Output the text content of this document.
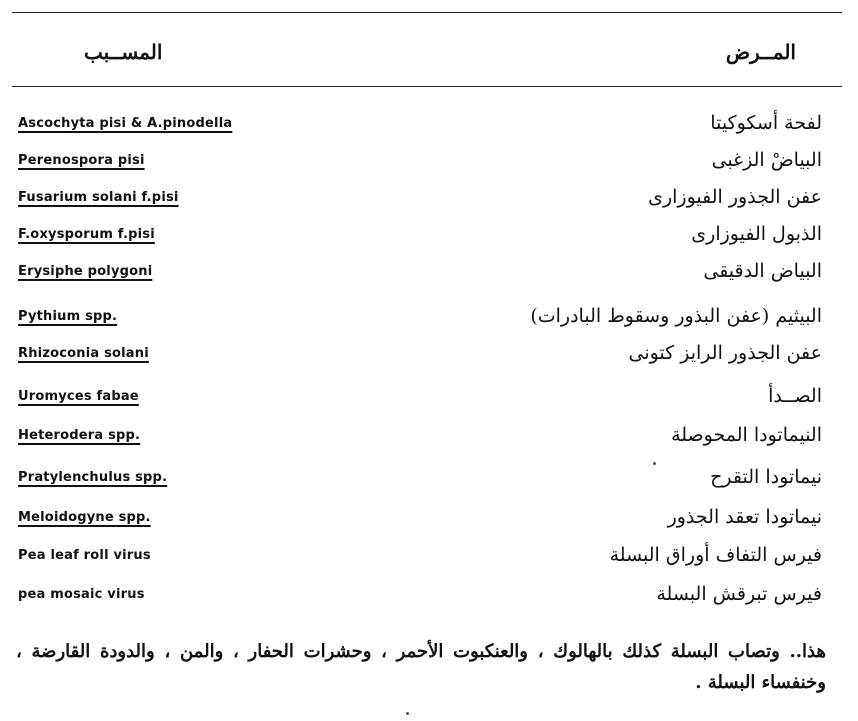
المســبب	المــرض
Ascochyta pisi & A.pinodella	لفحة أسكوكيتا
Perenospora pisi	البياضْ الزغبى
Fusarium solani f.pisi	عفن الجذور الفيوزارى
F.oxysporum f.pisi	الذبول الفيوزارى
Erysiphe polygoni	البياض الدقيقى
Pythium spp.	البيثيم (عفن البذور وسقوط البادرات)
Rhizoconia solani	عفن الجذور الرايز كتونى
Uromyces fabae	الصــدأ
Heterodera spp.	النيماتودا المحوصلة
Pratylenchulus spp.	نيماتودا التقرح
Meloidogyne spp.	نيماتودا تعقد الجذور
Pea leaf roll virus	فيرس التفاف أوراق البسلة
pea mosaic virus	فيرس تبرقش البسلة
هذا.. وتصاب البسلة كذلك بالهالوك ، والعنكبوت الأحمر ، وحشرات الحفار ، والمن ، والدودة القارضة ، وخنفساء البسلة .
